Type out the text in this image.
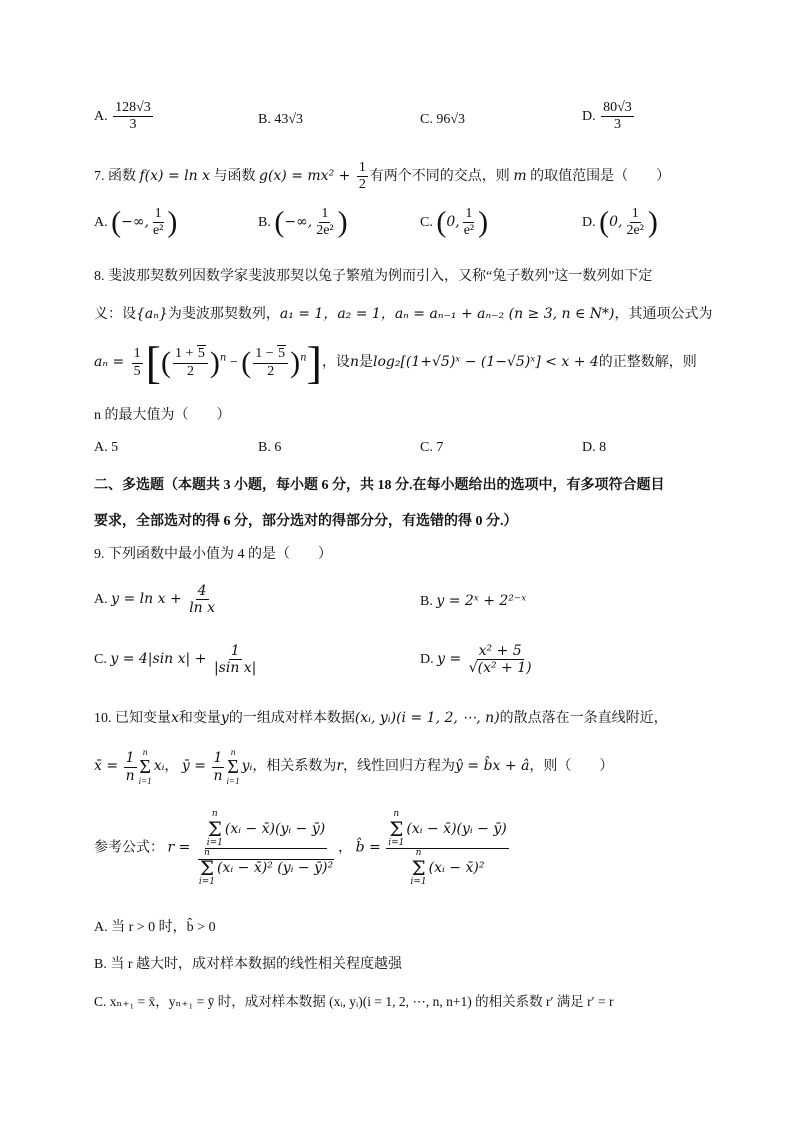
A. $\frac{128√3}{3}$	B. 43√3	C. 96√3	D. $\frac{80√3}{3}$
7. 函数 f(x) = ln x 与函数 $g(x) = mx^2 + \frac{1}{2}$ 有两个不同的交点，则 m 的取值范围是（　　）
A. (−∞, $\frac{1}{\text{e²}}$ )	B. (−∞, $\frac{1}{\text{2e²}}$ )	C. (0, $\frac{1}{\text{e²}}$ )	D. (0, $\frac{1}{\text{2e²}}$ )
8. 斐波那契数列因数学家斐波那契以兔子繁殖为例而引入，又称“兔子数列”这一数列如下定
义：设{aₙ}为斐波那契数列，a₁ = 1，a₂ = 1，aₙ = aₙ₋₁ + aₙ₋₂ (n ≥ 3, n ∈ N*)，其通项公式为
$a_n = \frac{1}{5}$ [( $\frac{1 + 5}{2} )^n$ − ( $\frac{1 - 5}{2} )^n$]，设n是log₂[(1+√5)ˣ − (1−√5)ˣ] < x + 4的正整数解，则
n 的最大值为（　　）
A. 5	B. 6	C. 7	D. 8
二、多选题（本题共 3 小题，每小题 6 分，共 18 分.在每小题给出的选项中，有多项符合题目
要求，全部选对的得 6 分，部分选对的得部分分，有选错的得 0 分.）
9. 下列函数中最小值为 4 的是（　　）
A. $y = \ln x + \frac{4}{\text{ln x}}$	B. y = 2ˣ + 2²⁻ˣ
C. y = 4|sin $x| + \frac{1}{\text{|sin x|}}$	D. $y = \frac{\text{x² + 5}}{\text{√(x² + 1)}}$
10. 已知变量x和变量y的一组成对样本数据(xᵢ, yᵢ)(i = 1, 2, ⋯, n)的散点落在一条直线附近，
x̄ = $\frac{1}{n}$ n
Σ
i=1
xᵢ， ȳ = $\frac{1}{n}$ n
Σ
i=1
yᵢ，相关系数为r，线性回归方程为ŷ = b̂x + â，则（　　）
参考公式： r = n
Σ
i=1
(xᵢ − x̄)(yᵢ − ȳ)
n
Σ
i=1
(xᵢ − x̄)² (yᵢ − ȳ)² ， b̂ = n
Σ
i=1
(xᵢ − x̄)(yᵢ − ȳ)
n
Σ
i=1
(xᵢ − x̄)²
A. 当 r > 0 时，b̂ > 0
B. 当 r 越大时，成对样本数据的线性相关程度越强
C. xₙ₊₁ = x̄，yₙ₊₁ = ȳ 时，成对样本数据 (xᵢ, yᵢ)(i = 1, 2, ⋯, n, n+1) 的相关系数 r′ 满足 r′ = r
